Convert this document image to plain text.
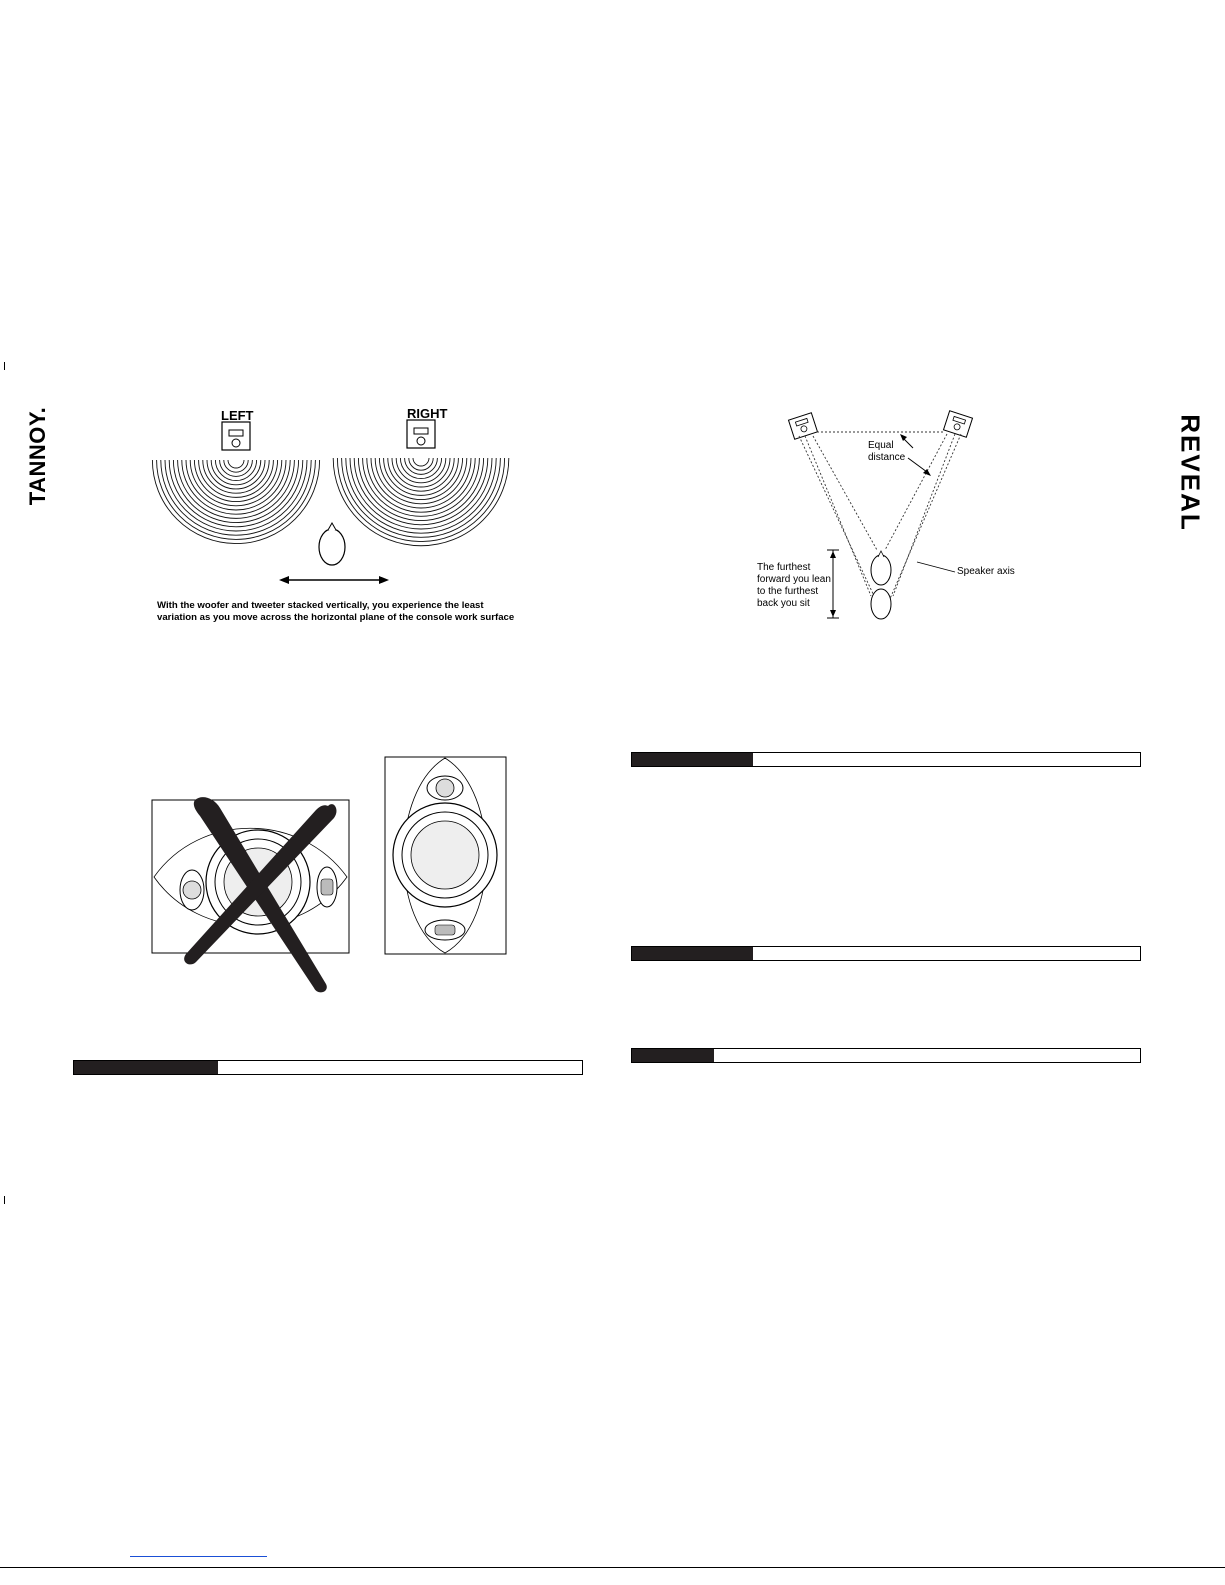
TANNOY.	REVEAL
LEFT	RIGHT
With the woofer and tweeter stacked vertically, you experience the least
variation as you move across the horizontal plane of the console work surface
Equal
distance
The furthest
forward you lean
to the furthest
back you sit
Speaker axis
